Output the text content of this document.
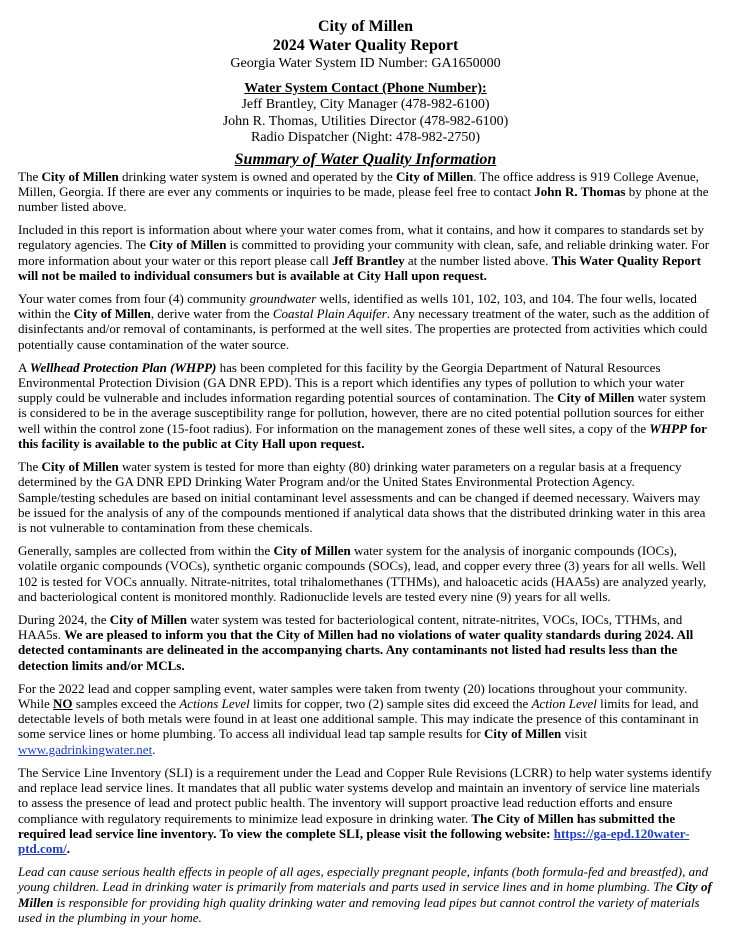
City of Millen
2024 Water Quality Report
Georgia Water System ID Number: GA1650000
Water System Contact (Phone Number):
Jeff Brantley, City Manager (478-982-6100)
John R. Thomas, Utilities Director (478-982-6100)
Radio Dispatcher (Night: 478-982-2750)
Summary of Water Quality Information

The City of Millen drinking water system is owned and operated by the City of Millen. The office address is 919 College Avenue, Millen, Georgia. If there are ever any comments or inquiries to be made, please feel free to contact John R. Thomas by phone at the number listed above.

Included in this report is information about where your water comes from, what it contains, and how it compares to standards set by regulatory agencies. The City of Millen is committed to providing your community with clean, safe, and reliable drinking water. For more information about your water or this report please call Jeff Brantley at the number listed above. This Water Quality Report will not be mailed to individual consumers but is available at City Hall upon request.

Your water comes from four (4) community groundwater wells, identified as wells 101, 102, 103, and 104. The four wells, located within the City of Millen, derive water from the Coastal Plain Aquifer. Any necessary treatment of the water, such as the addition of disinfectants and/or removal of contaminants, is performed at the well sites. The properties are protected from activities which could potentially cause contamination of the water source.

A Wellhead Protection Plan (WHPP) has been completed for this facility by the Georgia Department of Natural Resources Environmental Protection Division (GA DNR EPD). This is a report which identifies any types of pollution to which your water supply could be vulnerable and includes information regarding potential sources of contamination. The City of Millen water system is considered to be in the average susceptibility range for pollution, however, there are no cited potential pollution sources for either well within the control zone (15-foot radius). For information on the management zones of these well sites, a copy of the WHPP for this facility is available to the public at City Hall upon request.

The City of Millen water system is tested for more than eighty (80) drinking water parameters on a regular basis at a frequency determined by the GA DNR EPD Drinking Water Program and/or the United States Environmental Protection Agency. Sample/testing schedules are based on initial contaminant level assessments and can be changed if deemed necessary. Waivers may be issued for the analysis of any of the compounds mentioned if analytical data shows that the distributed drinking water in this area is not vulnerable to contamination from these chemicals.

Generally, samples are collected from within the City of Millen water system for the analysis of inorganic compounds (IOCs), volatile organic compounds (VOCs), synthetic organic compounds (SOCs), lead, and copper every three (3) years for all wells. Well 102 is tested for VOCs annually. Nitrate-nitrites, total trihalomethanes (TTHMs), and haloacetic acids (HAA5s) are analyzed yearly, and bacteriological content is monitored monthly. Radionuclide levels are tested every nine (9) years for all wells.

During 2024, the City of Millen water system was tested for bacteriological content, nitrate-nitrites, VOCs, IOCs, TTHMs, and HAA5s. We are pleased to inform you that the City of Millen had no violations of water quality standards during 2024. All detected contaminants are delineated in the accompanying charts. Any contaminants not listed had results less than the detection limits and/or MCLs.

For the 2022 lead and copper sampling event, water samples were taken from twenty (20) locations throughout your community. While NO samples exceed the Actions Level limits for copper, two (2) sample sites did exceed the Action Level limits for lead, and detectable levels of both metals were found in at least one additional sample. This may indicate the presence of this contaminant in some service lines or home plumbing. To access all individual lead tap sample results for City of Millen visit www.gadrinkingwater.net.

The Service Line Inventory (SLI) is a requirement under the Lead and Copper Rule Revisions (LCRR) to help water systems identify and replace lead service lines. It mandates that all public water systems develop and maintain an inventory of service line materials to assess the presence of lead and protect public health. The inventory will support proactive lead reduction efforts and ensure compliance with regulatory requirements to minimize lead exposure in drinking water. The City of Millen has submitted the required lead service line inventory. To view the complete SLI, please visit the following website: https://ga-epd.120water-ptd.com/.

Lead can cause serious health effects in people of all ages, especially pregnant people, infants (both formula-fed and breastfed), and young children. Lead in drinking water is primarily from materials and parts used in service lines and in home plumbing. The City of Millen is responsible for providing high quality drinking water and removing lead pipes but cannot control the variety of materials used in the plumbing in your home.
